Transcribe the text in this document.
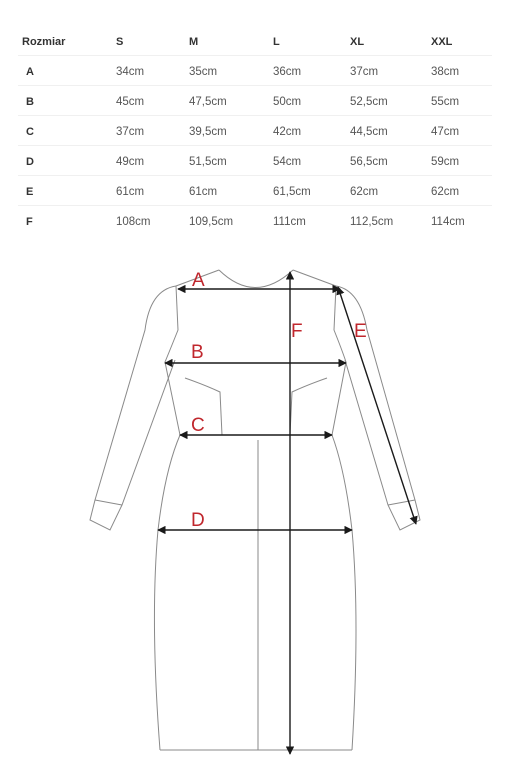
Rozmiar	S	M	L	XL	XXL
A	34cm	35cm	36cm	37cm	38cm
B	45cm	47,5cm	50cm	52,5cm	55cm
C	37cm	39,5cm	42cm	44,5cm	47cm
D	49cm	51,5cm	54cm	56,5cm	59cm
E	61cm	61cm	61,5cm	62cm	62cm
F	108cm	109,5cm	111cm	112,5cm	114cm
A
B
C
D
E
F
